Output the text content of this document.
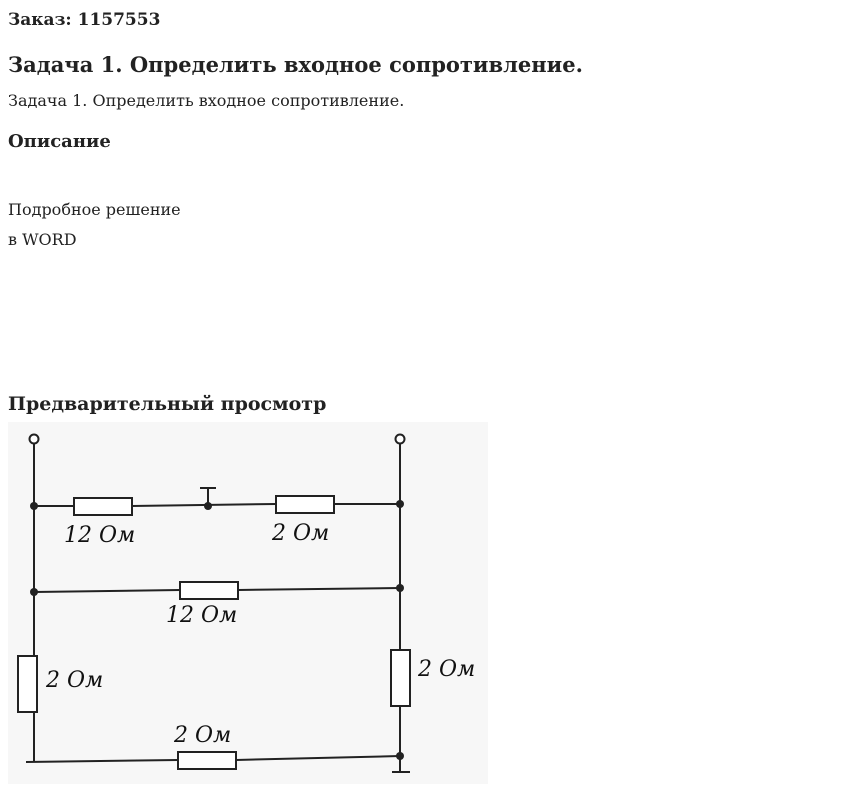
Заказ: 1157553

Задача 1. Определить входное сопротивление.

Задача 1. Определить входное сопротивление.

Описание
Подробное решение
в WORD
Предварительный просмотр
12 Ом	2 Ом
12 Ом
2 Ом	2 Ом
2 Ом
